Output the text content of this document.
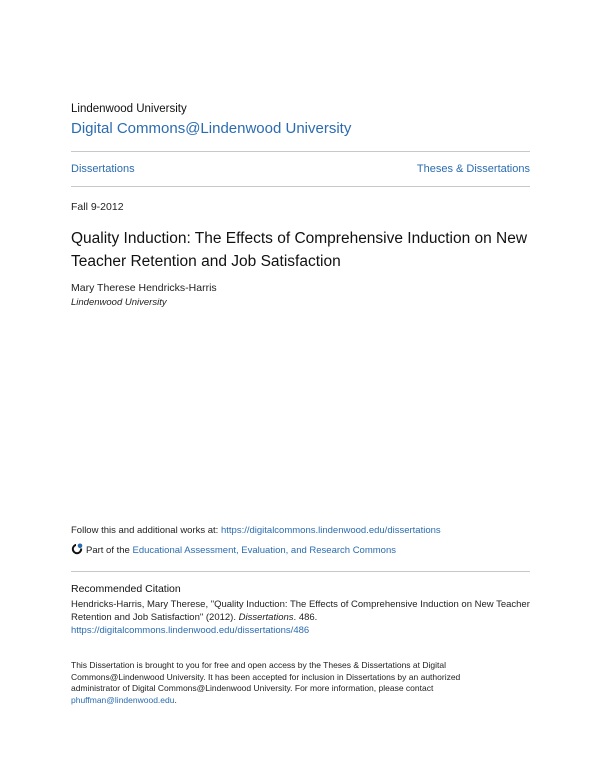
Lindenwood University
Digital Commons@Lindenwood University
Dissertations	Theses & Dissertations
Fall 9-2012
Quality Induction: The Effects of Comprehensive Induction on New Teacher Retention and Job Satisfaction
Mary Therese Hendricks-Harris
Lindenwood University
Follow this and additional works at: https://digitalcommons.lindenwood.edu/dissertations
Part of the
Educational Assessment, Evaluation, and Research Commons
Recommended Citation
Hendricks-Harris, Mary Therese, "Quality Induction: The Effects of Comprehensive Induction on New Teacher Retention and Job Satisfaction" (2012). Dissertations. 486.
https://digitalcommons.lindenwood.edu/dissertations/486
This Dissertation is brought to you for free and open access by the Theses & Dissertations at Digital Commons@Lindenwood University. It has been accepted for inclusion in Dissertations by an authorized administrator of Digital Commons@Lindenwood University. For more information, please contact phuffman@lindenwood.edu.
